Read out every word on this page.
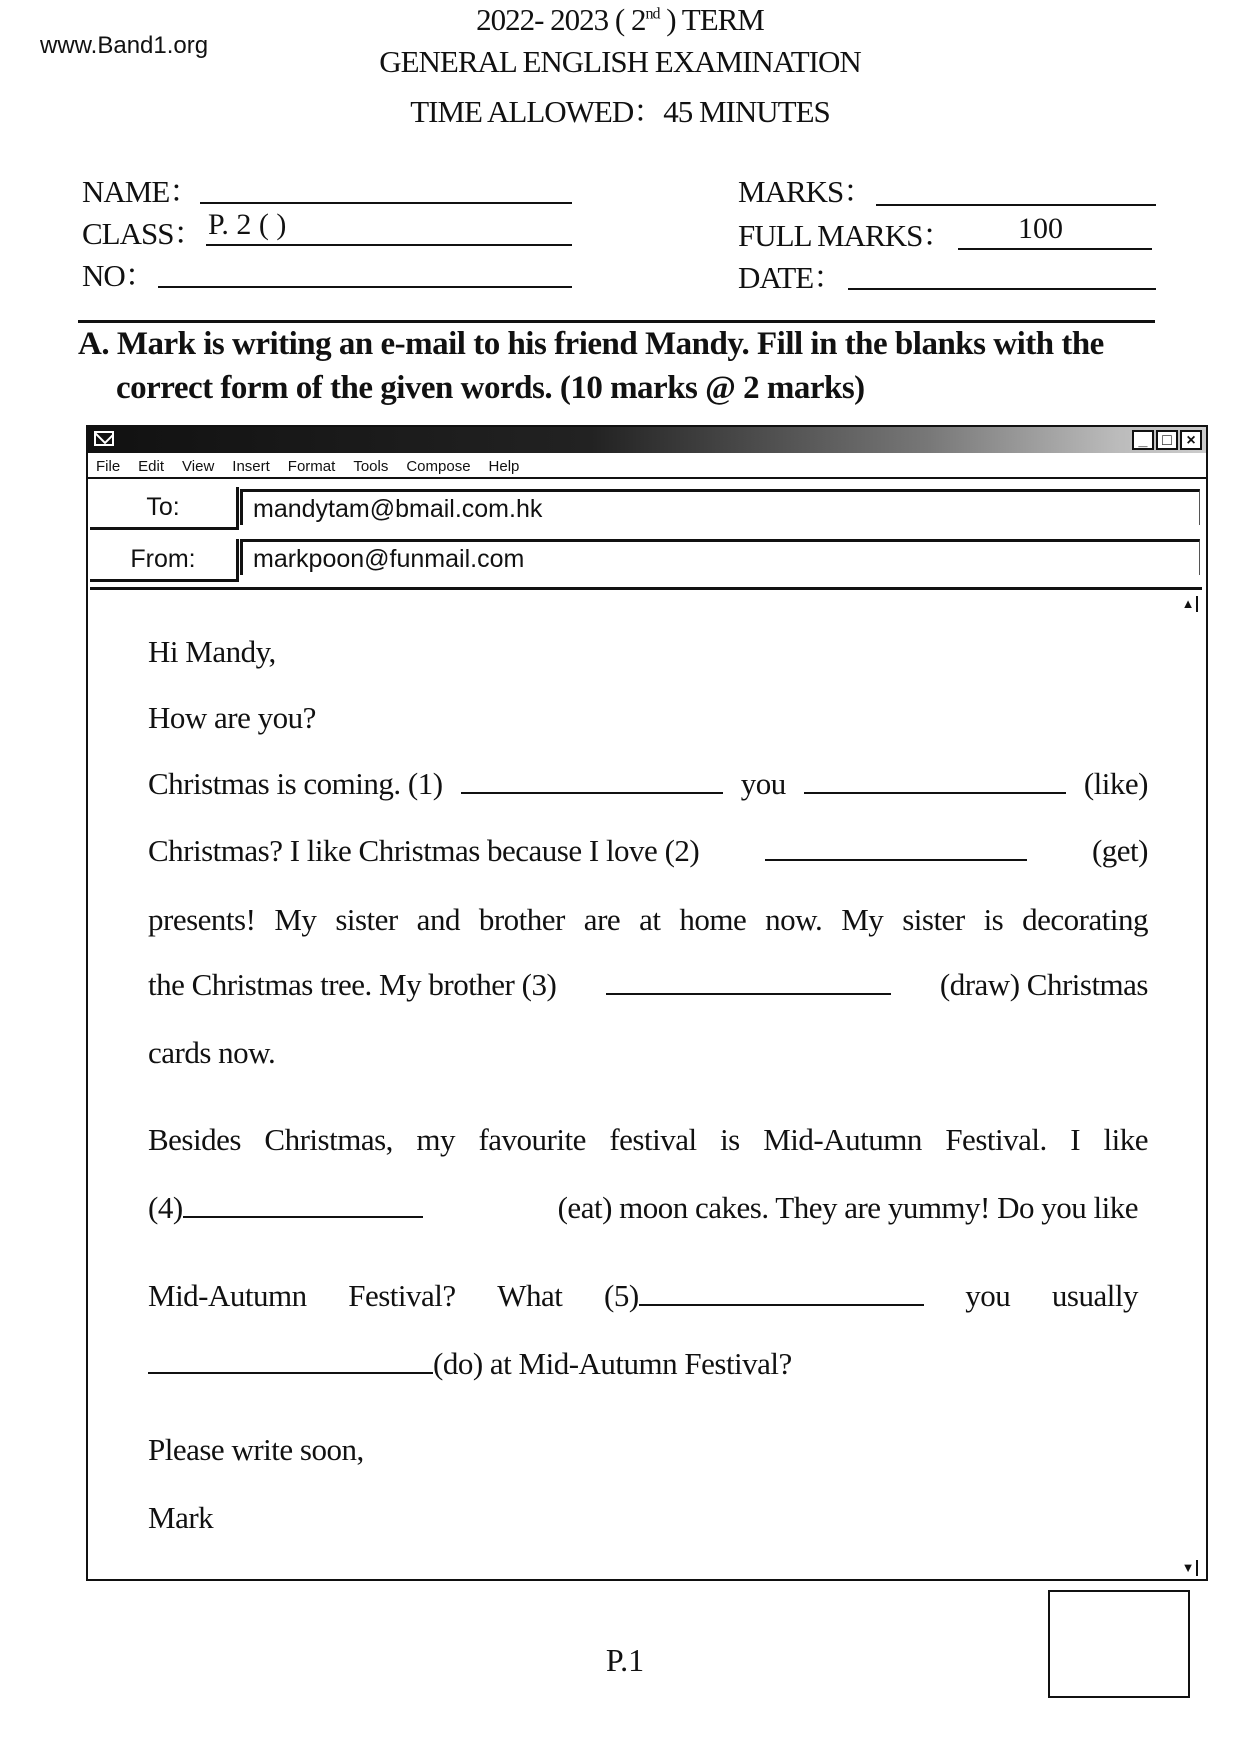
www.Band1.org
2022- 2023 ( 2nd ) TERM
GENERAL ENGLISH EXAMINATION
TIME ALLOWED：45 MINUTES
NAME：
CLASS： P. 2 ( )
NO：
MARKS：
FULL MARKS： 100
DATE：
A. Mark is writing an e-mail to his friend Mandy. Fill in the blanks with the
correct form of the given words. (10 marks @ 2 marks)
_ □ ×
File Edit View Insert Format Tools Compose Help
To:	mandytam@bmail.com.hk
From:	markpoon@funmail.com
▲
▼
Hi Mandy,
How are you?
Christmas is coming. (1)	you	(like)
Christmas? I like Christmas because I love (2)	(get)
presents! My sister and brother are at home now. My sister is decorating
the Christmas tree. My brother (3)	(draw) Christmas
cards now.
Besides Christmas, my favourite festival is Mid-Autumn Festival. I like
(4)	(eat) moon cakes. They are yummy! Do you like
Mid-Autumn Festival? What (5)	you usually
(do) at Mid-Autumn Festival?
Please write soon,
Mark
P.1
